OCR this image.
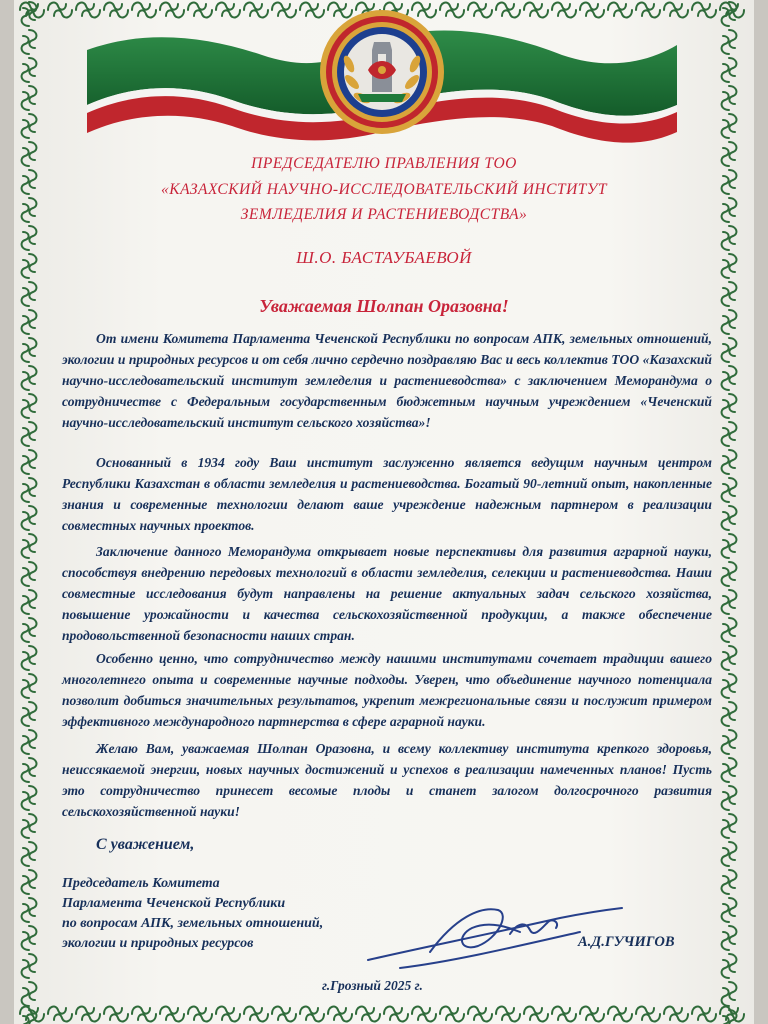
ПРЕДСЕДАТЕЛЮ ПРАВЛЕНИЯ ТОО
«КАЗАХСКИЙ НАУЧНО-ИССЛЕДОВАТЕЛЬСКИЙ ИНСТИТУТ
ЗЕМЛЕДЕЛИЯ И РАСТЕНИЕВОДСТВА»
Ш.О. БАСТАУБАЕВОЙ
Уважаемая Шолпан Оразовна!

От имени Комитета Парламента Чеченской Республики по вопросам АПК, земельных отношений, экологии и природных ресурсов и от себя лично сердечно поздравляю Вас и весь коллектив ТОО «Казахский научно-исследовательский институт земледелия и растениеводства» с заключением Меморандума о сотрудничестве с Федеральным государственным бюджетным научным учреждением «Чеченский научно-исследовательский институт сельского хозяйства»!

Основанный в 1934 году Ваш институт заслуженно является ведущим научным центром Республики Казахстан в области земледелия и растениеводства. Богатый 90-летний опыт, накопленные знания и современные технологии делают ваше учреждение надежным партнером в реализации совместных научных проектов.

Заключение данного Меморандума открывает новые перспективы для развития аграрной науки, способствуя внедрению передовых технологий в области земледелия, селекции и растениеводства. Наши совместные исследования будут направлены на решение актуальных задач сельского хозяйства, повышение урожайности и качества сельскохозяйственной продукции, а также обеспечение продовольственной безопасности наших стран.

Особенно ценно, что сотрудничество между нашими институтами сочетает традиции вашего многолетнего опыта и современные научные подходы. Уверен, что объединение научного потенциала позволит добиться значительных результатов, укрепит межрегиональные связи и послужит примером эффективного международного партнерства в сфере аграрной науки.

Желаю Вам, уважаемая Шолпан Оразовна, и всему коллективу института крепкого здоровья, неиссякаемой энергии, новых научных достижений и успехов в реализации намеченных планов! Пусть это сотрудничество принесет весомые плоды и станет залогом долгосрочного развития сельскохозяйственной науки!

С уважением,
Председатель Комитета
Парламента Чеченской Республики
по вопросам АПК, земельных отношений,
экологии и природных ресурсов	А.Д.ГУЧИГОВ
г.Грозный 2025 г.
